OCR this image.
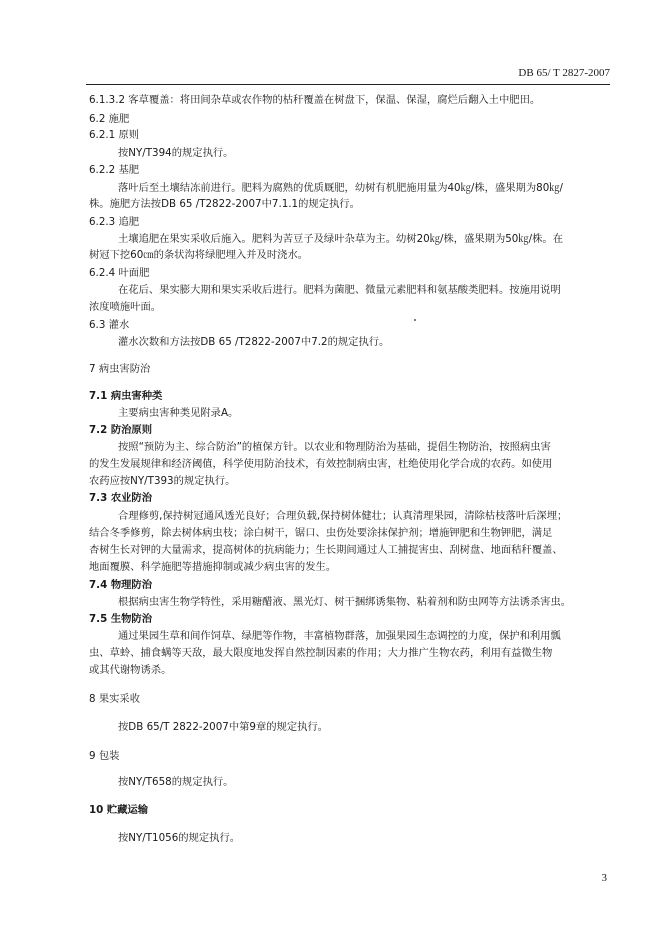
DB 65/ T 2827-2007
6.1.3.2 客草覆盖：将田间杂草或农作物的枯秆覆盖在树盘下，保温、保湿，腐烂后翻入土中肥田。
6.2 施肥
6.2.1 原则
按NY/T394的规定执行。
6.2.2 基肥
落叶后至土壤结冻前进行。肥料为腐熟的优质厩肥，幼树有机肥施用量为40㎏/株，盛果期为80㎏/
株。施肥方法按DB 65 /T2822-2007中7.1.1的规定执行。
6.2.3 追肥
土壤追肥在果实采收后施入。肥料为苦豆子及绿叶杂草为主。幼树20㎏/株，盛果期为50㎏/株。在
树冠下挖60㎝的条状沟将绿肥埋入并及时浇水。
6.2.4 叶面肥
在花后、果实膨大期和果实采收后进行。肥料为菌肥、微量元素肥料和氨基酸类肥料。按施用说明
浓度喷施叶面。
6.3 灌水
灌水次数和方法按DB 65 /T2822-2007中7.2的规定执行。
7 病虫害防治
7.1 病虫害种类
主要病虫害种类见附录A。
7.2 防治原则
按照“预防为主、综合防治”的植保方针。以农业和物理防治为基础，提倡生物防治，按照病虫害
的发生发展规律和经济阈值，科学使用防治技术，有效控制病虫害，杜绝使用化学合成的农药。如使用
农药应按NY/T393的规定执行。
7.3 农业防治
合理修剪,保持树冠通风透光良好；合理负载,保持树体健壮；认真清理果园，清除枯枝落叶后深埋；
结合冬季修剪，除去树体病虫枝；涂白树干，锯口、虫伤处要涂抹保护剂；增施钾肥和生物钾肥，满足
杏树生长对钾的大量需求，提高树体的抗病能力；生长期间通过人工捕捉害虫、刮树盘、地面秸秆覆盖、
地面覆膜、科学施肥等措施抑制或减少病虫害的发生。
7.4 物理防治
根据病虫害生物学特性，采用糖醋液、黑光灯、树干捆绑诱集物、粘着剂和防虫网等方法诱杀害虫。
7.5 生物防治
通过果园生草和间作饲草、绿肥等作物，丰富植物群落，加强果园生态调控的力度，保护和利用瓢
虫、草蛉、捕食螨等天敌，最大限度地发挥自然控制因素的作用；大力推广生物农药，利用有益微生物
或其代谢物诱杀。
8 果实采收
按DB 65/T 2822-2007中第9章的规定执行。
9 包装
按NY/T658的规定执行。
10 贮藏运输
按NY/T1056的规定执行。
3
